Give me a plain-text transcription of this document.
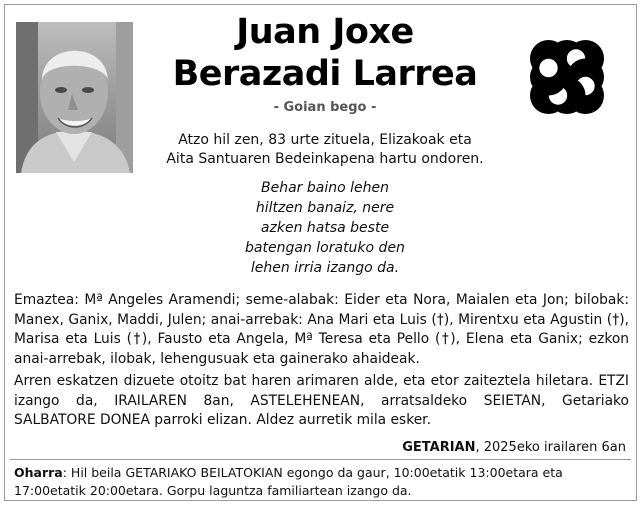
Juan Joxe
Berazadi Larrea
- Goian bego -
Atzo hil zen, 83 urte zituela, Elizakoak eta
Aita Santuaren Bedeinkapena hartu ondoren.
Behar baino lehen
hiltzen banaiz, nere
azken hatsa beste
batengan loratuko den
lehen irria izango da.
Emaztea: Mª Angeles Aramendi; seme-alabak: Eider eta Nora, Maialen eta Jon; bilobak: Manex, Ganix, Maddi, Julen; anai-arrebak: Ana Mari eta Luis (†), Mirentxu eta Agustin (†), Marisa eta Luis (†), Fausto eta Angela, Mª Teresa eta Pello (†), Elena eta Ganix; ezkon anai-arrebak, ilobak, lehengusuak eta gainerako ahaideak.
Arren eskatzen dizuete otoitz bat haren arimaren alde, eta etor zaiteztela hiletara. ETZI izango da, IRAILAREN 8an, ASTELEHENEAN, arratsaldeko SEIETAN, Getariako SALBATORE DONEA parroki elizan. Aldez aurretik mila esker.
GETARIAN, 2025eko irailaren 6an
Oharra: Hil beila GETARIAKO BEILATOKIAN egongo da gaur, 10:00etatik 13:00etara eta 17:00etatik 20:00etara. Gorpu laguntza familiartean izango da.
